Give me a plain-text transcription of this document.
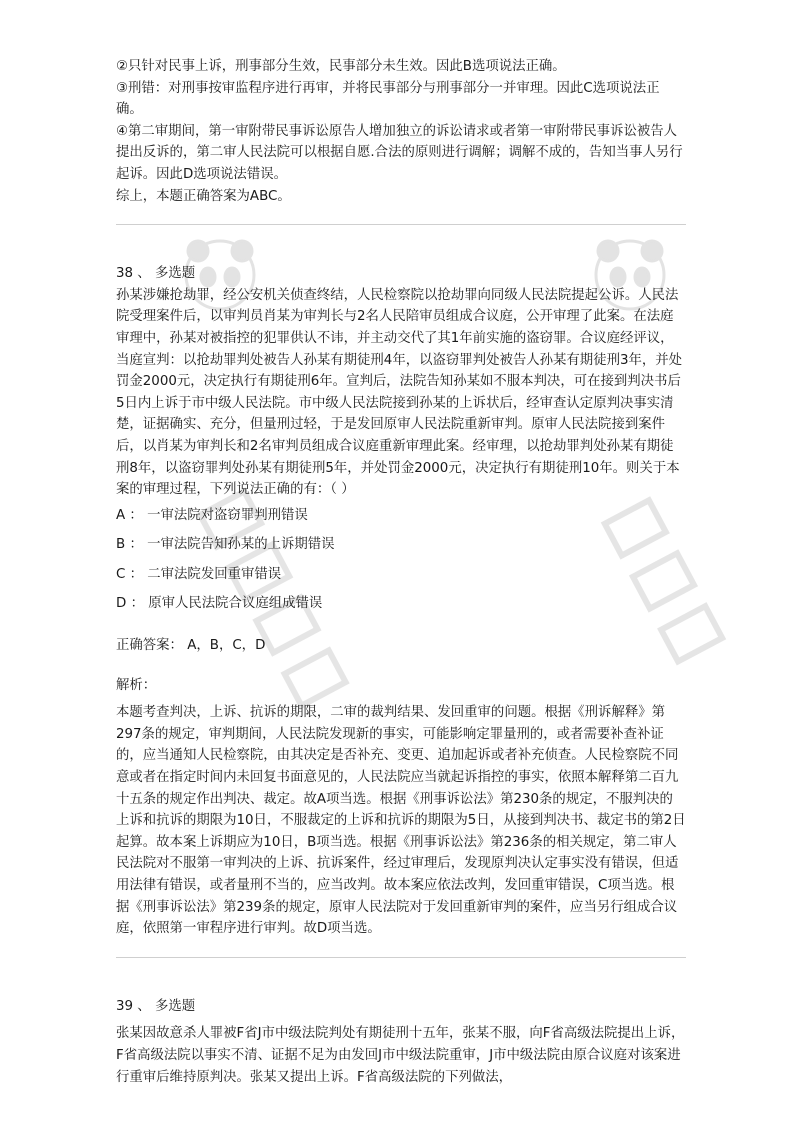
②只针对民事上诉，刑事部分生效，民事部分未生效。因此B选项说法正确。

③刑错：对刑事按审监程序进行再审，并将民事部分与刑事部分一并审理。因此C选项说法正确。

④第二审期间，第一审附带民事诉讼原告人增加独立的诉讼请求或者第一审附带民事诉讼被告人提出反诉的，第二审人民法院可以根据自愿.合法的原则进行调解；调解不成的，告知当事人另行起诉。因此D选项说法错误。

综上，本题正确答案为ABC。

38 、 多选题

孙某涉嫌抢劫罪，经公安机关侦查终结，人民检察院以抢劫罪向同级人民法院提起公诉。人民法院受理案件后，以审判员肖某为审判长与2名人民陪审员组成合议庭，公开审理了此案。在法庭审理中，孙某对被指控的犯罪供认不讳，并主动交代了其1年前实施的盗窃罪。合议庭经评议，当庭宣判：以抢劫罪判处被告人孙某有期徒刑4年，以盗窃罪判处被告人孙某有期徒刑3年，并处罚金2000元，决定执行有期徒刑6年。宣判后，法院告知孙某如不服本判决，可在接到判决书后5日内上诉于市中级人民法院。市中级人民法院接到孙某的上诉状后，经审查认定原判决事实清楚，证据确实、充分，但量刑过轻，于是发回原审人民法院重新审判。原审人民法院接到案件后，以肖某为审判长和2名审判员组成合议庭重新审理此案。经审理，以抢劫罪判处孙某有期徒刑8年，以盗窃罪判处孙某有期徒刑5年，并处罚金2000元，决定执行有期徒刑10年。则关于本案的审理过程，下列说法正确的有：（ ）

A ： 一审法院对盗窃罪判刑错误

B ： 一审法院告知孙某的上诉期错误

C ： 二审法院发回重审错误

D ： 原审人民法院合议庭组成错误

正确答案： A，B，C，D

解析：

本题考查判决，上诉、抗诉的期限，二审的裁判结果、发回重审的问题。根据《刑诉解释》第297条的规定，审判期间，人民法院发现新的事实，可能影响定罪量刑的，或者需要补查补证的，应当通知人民检察院，由其决定是否补充、变更、追加起诉或者补充侦查。人民检察院不同意或者在指定时间内未回复书面意见的，人民法院应当就起诉指控的事实，依照本解释第二百九十五条的规定作出判决、裁定。故A项当选。根据《刑事诉讼法》第230条的规定，不服判决的上诉和抗诉的期限为10日，不服裁定的上诉和抗诉的期限为5日，从接到判决书、裁定书的第2日起算。故本案上诉期应为10日，B项当选。根据《刑事诉讼法》第236条的相关规定，第二审人民法院对不服第一审判决的上诉、抗诉案件，经过审理后，发现原判决认定事实没有错误，但适用法律有错误，或者量刑不当的，应当改判。故本案应依法改判，发回重审错误，C项当选。根据《刑事诉讼法》第239条的规定，原审人民法院对于发回重新审判的案件，应当另行组成合议庭，依照第一审程序进行审判。故D项当选。

39 、 多选题

张某因故意杀人罪被F省J市中级法院判处有期徒刑十五年，张某不服，向F省高级法院提出上诉，F省高级法院以事实不清、证据不足为由发回J市中级法院重审，J市中级法院由原合议庭对该案进行重审后维持原判决。张某又提出上诉。F省高级法院的下列做法，
